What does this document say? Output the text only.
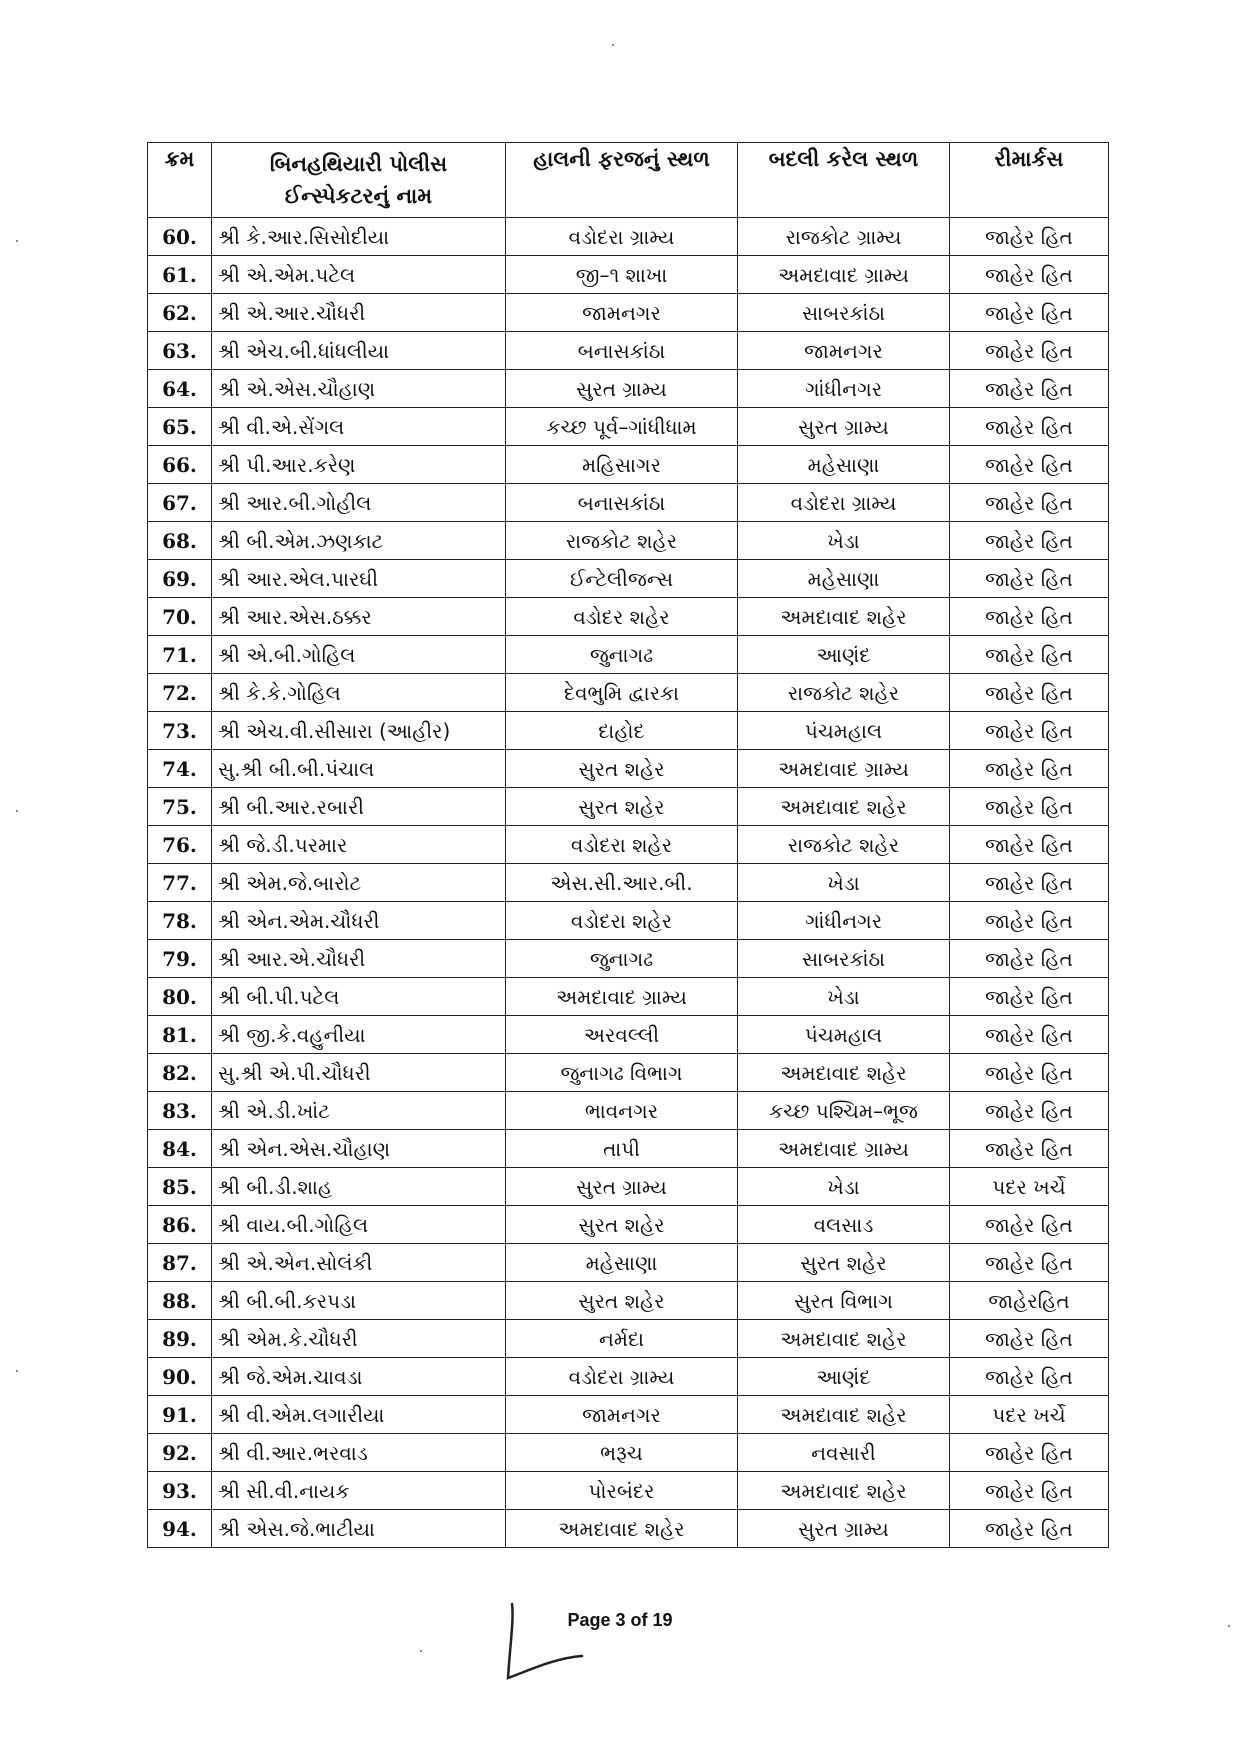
ક્રમ	બિનહથિયારી પોલીસ ઈન્સ્પેકટરનું નામ	હાલની ફરજનું સ્થળ	બદલી કરેલ સ્થળ	રીમાર્કસ
60.	શ્રી કે.આર.સિસોદીયા	વડોદરા ગ્રામ્ય	રાજકોટ ગ્રામ્ય	જાહેર હિત
61.	શ્રી એ.એમ.પટેલ	જી–૧ શાખા	અમદાવાદ ગ્રામ્ય	જાહેર હિત
62.	શ્રી એ.આર.ચૌધરી	જામનગર	સાબરકાંઠા	જાહેર હિત
63.	શ્રી એચ.બી.ધાંધલીયા	બનાસકાંઠા	જામનગર	જાહેર હિત
64.	શ્રી એ.એસ.ચૌહાણ	સુરત ગ્રામ્ય	ગાંધીનગર	જાહેર હિત
65.	શ્રી વી.એ.સેંગલ	કચ્છ પૂર્વ–ગાંધીધામ	સુરત ગ્રામ્ય	જાહેર હિત
66.	શ્રી પી.આર.કરેણ	મહિસાગર	મહેસાણા	જાહેર હિત
67.	શ્રી આર.બી.ગોહીલ	બનાસકાંઠા	વડોદરા ગ્રામ્ય	જાહેર હિત
68.	શ્રી બી.એમ.ઝણકાટ	રાજકોટ શહેર	ખેડા	જાહેર હિત
69.	શ્રી આર.એલ.પારઘી	ઈન્ટેલીજન્સ	મહેસાણા	જાહેર હિત
70.	શ્રી આર.એસ.ઠક્કર	વડોદર શહેર	અમદાવાદ શહેર	જાહેર હિત
71.	શ્રી એ.બી.ગોહિલ	જુનાગઢ	આણંદ	જાહેર હિત
72.	શ્રી કે.કે.ગોહિલ	દેવભુમિ દ્વારકા	રાજકોટ શહેર	જાહેર હિત
73.	શ્રી એચ.વી.સીસારા (આહીર)	દાહોદ	પંચમહાલ	જાહેર હિત
74.	સુ.શ્રી બી.બી.પંચાલ	સુરત શહેર	અમદાવાદ ગ્રામ્ય	જાહેર હિત
75.	શ્રી બી.આર.રબારી	સુરત શહેર	અમદાવાદ શહેર	જાહેર હિત
76.	શ્રી જે.ડી.પરમાર	વડોદરા શહેર	રાજકોટ શહેર	જાહેર હિત
77.	શ્રી એમ.જે.બારોટ	એસ.સી.આર.બી.	ખેડા	જાહેર હિત
78.	શ્રી એન.એમ.ચૌધરી	વડોદરા શહેર	ગાંધીનગર	જાહેર હિત
79.	શ્રી આર.એ.ચૌધરી	જુનાગઢ	સાબરકાંઠા	જાહેર હિત
80.	શ્રી બી.પી.પટેલ	અમદાવાદ ગ્રામ્ય	ખેડા	જાહેર હિત
81.	શ્રી જી.કે.વહુનીયા	અરવલ્લી	પંચમહાલ	જાહેર હિત
82.	સુ.શ્રી એ.પી.ચૌધરી	જુનાગઢ વિભાગ	અમદાવાદ શહેર	જાહેર હિત
83.	શ્રી એ.ડી.ખાંટ	ભાવનગર	કચ્છ પશ્ચિમ–ભૂજ	જાહેર હિત
84.	શ્રી એન.એસ.ચૌહાણ	તાપી	અમદાવાદ ગ્રામ્ય	જાહેર હિત
85.	શ્રી બી.ડી.શાહ	સુરત ગ્રામ્ય	ખેડા	પદર ખર્ચે
86.	શ્રી વાય.બી.ગોહિલ	સુરત શહેર	વલસાડ	જાહેર હિત
87.	શ્રી એ.એન.સોલંકી	મહેસાણા	સુરત શહેર	જાહેર હિત
88.	શ્રી બી.બી.કરપડા	સુરત શહેર	સુરત વિભાગ	જાહેરહિત
89.	શ્રી એમ.કે.ચૌધરી	નર્મદા	અમદાવાદ શહેર	જાહેર હિત
90.	શ્રી જે.એમ.ચાવડા	વડોદરા ગ્રામ્ય	આણંદ	જાહેર હિત
91.	શ્રી વી.એમ.લગારીયા	જામનગર	અમદાવાદ શહેર	પદર ખર્ચે
92.	શ્રી વી.આર.ભરવાડ	ભરૂચ	નવસારી	જાહેર હિત
93.	શ્રી સી.વી.નાયક	પોરબંદર	અમદાવાદ શહેર	જાહેર હિત
94.	શ્રી એસ.જે.ભાટીયા	અમદાવાદ શહેર	સુરત ગ્રામ્ય	જાહેર હિત
Page 3 of 19
